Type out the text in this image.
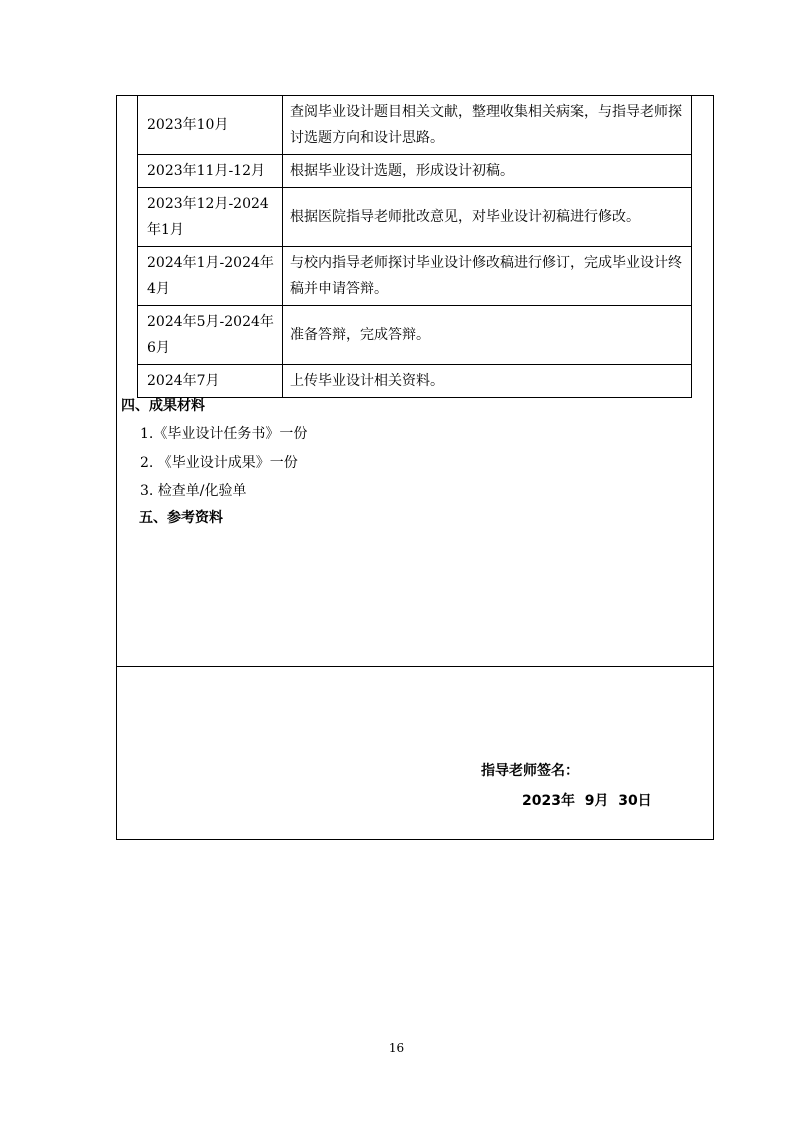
2023年10月	查阅毕业设计题目相关文献，整理收集相关病案，与指导老师探讨选题方向和设计思路。
2023年11月-12月	根据毕业设计选题，形成设计初稿。
2023年12月-2024年1月	根据医院指导老师批改意见，对毕业设计初稿进行修改。
2024年1月-2024年4月	与校内指导老师探讨毕业设计修改稿进行修订，完成毕业设计终稿并申请答辩。
2024年5月-2024年6月	准备答辩，完成答辩。
2024年7月	上传毕业设计相关资料。
四、成果材料
1.《毕业设计任务书》一份
2. 《毕业设计成果》一份
3. 检查单/化验单
五、参考资料
指导老师签名：
2023年  9月  30日
16
